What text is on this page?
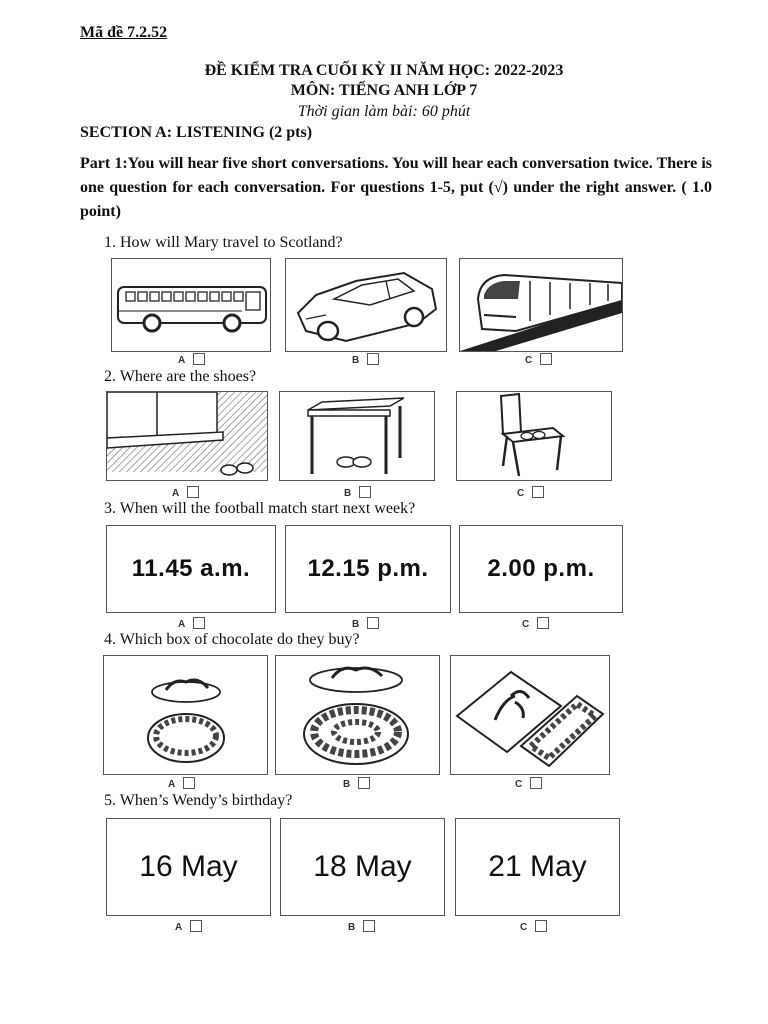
Mã đề 7.2.52
ĐỀ KIỂM TRA CUỐI KỲ II NĂM HỌC: 2022-2023
MÔN: TIẾNG ANH LỚP 7
Thời gian làm bài: 60 phút
SECTION A: LISTENING (2 pts)
Part 1:You will hear five short conversations. You will hear each conversation twice. There is one question for each conversation. For questions 1-5, put (√) under the right answer. ( 1.0 point)
1. How will Mary travel to Scotland?
A	B	C
2. Where are the shoes?
A	B	C
3. When will the football match start next week?
11.45 a.m.	12.15 p.m.	2.00 p.m.
A	B	C
4. Which box of chocolate do they buy?
A	B	C
5. When’s Wendy’s birthday?
16 May	18 May	21 May
A	B	C
